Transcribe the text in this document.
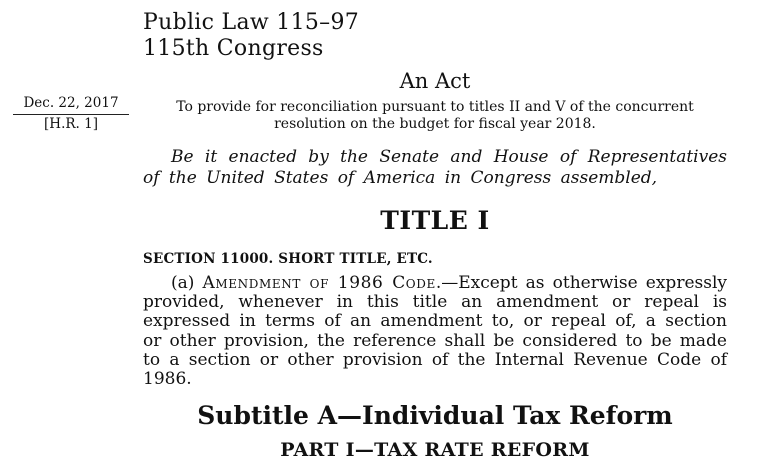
Dec. 22, 2017
[H.R. 1]
Public Law 115–97
115th Congress
An Act
To provide for reconciliation pursuant to titles II and V of the concurrent resolution on the budget for fiscal year 2018.

Be it enacted by the Senate and House of Representatives of the United States of America in Congress assembled,

TITLE I
SECTION 11000. SHORT TITLE, ETC.

(a) Amendment of 1986 Code.—Except as otherwise expressly provided, whenever in this title an amendment or repeal is expressed in terms of an amendment to, or repeal of, a section or other provision, the reference shall be considered to be made to a section or other provision of the Internal Revenue Code of 1986.

Subtitle A—Individual Tax Reform
PART I—TAX RATE REFORM
